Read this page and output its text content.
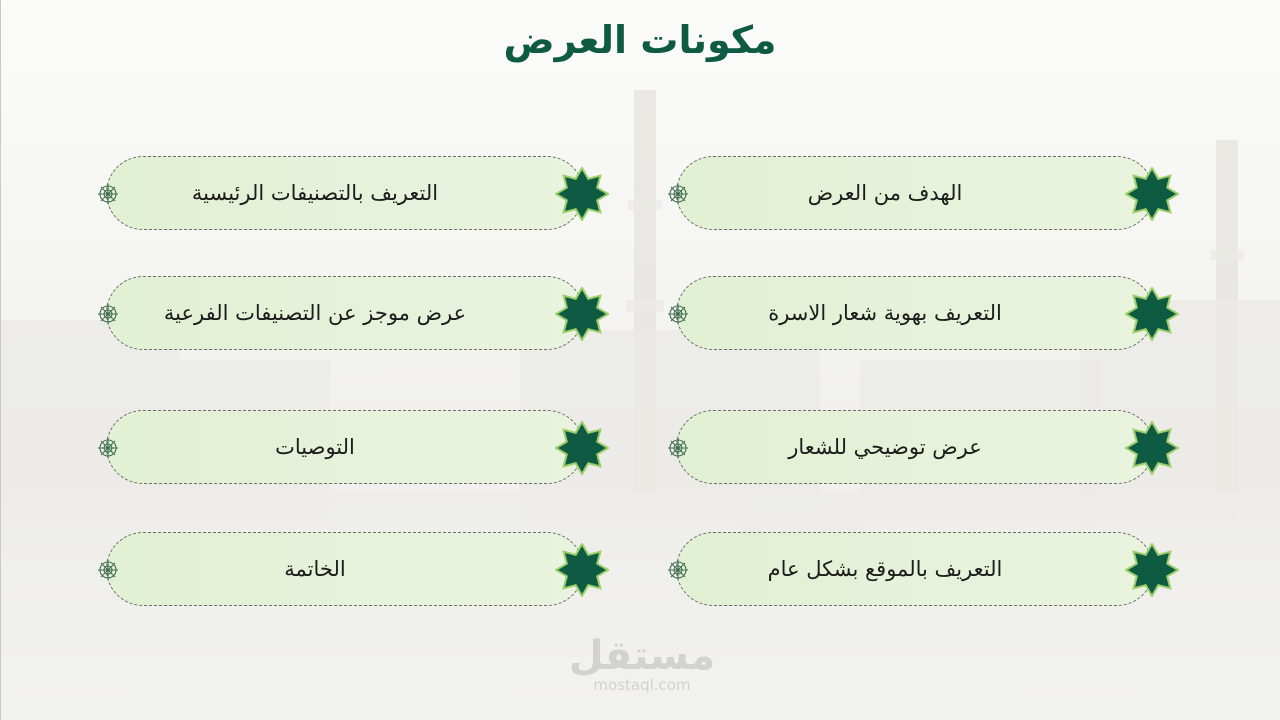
مكونات العرض
الهدف من العرض
التعريف بهوية شعار الاسرة
عرض توضيحي للشعار
التعريف بالموقع بشكل عام
التعريف بالتصنيفات الرئيسية
عرض موجز عن التصنيفات الفرعية
التوصيات
الخاتمة
مستقل
mostaql.com
